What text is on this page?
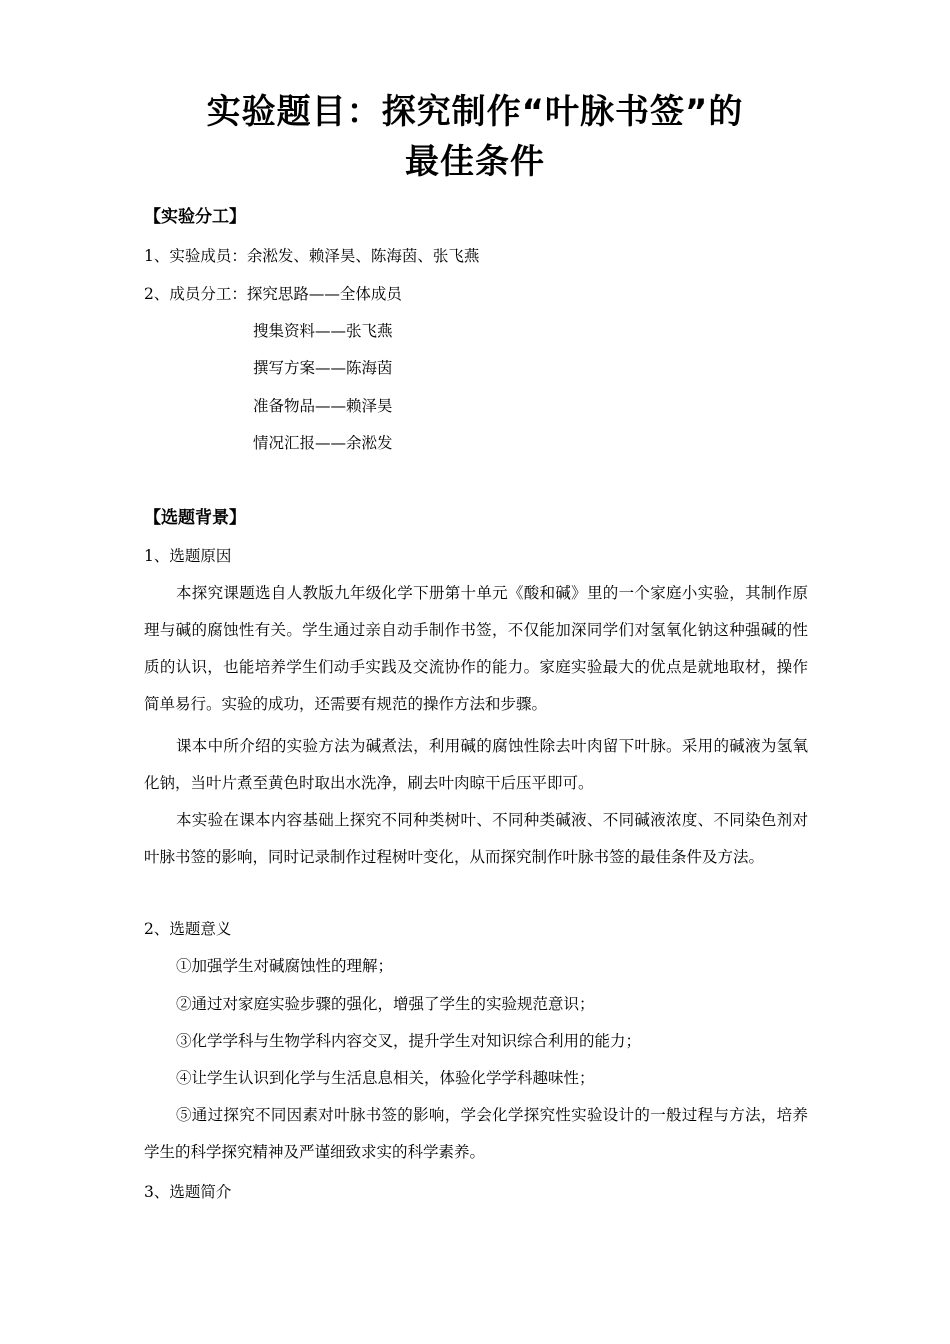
实验题目：探究制作“叶脉书签”的
最佳条件
【实验分工】
1、实验成员：余淞发、赖泽昊、陈海茵、张飞燕
2、成员分工：探究思路——全体成员
搜集资料——张飞燕
撰写方案——陈海茵
准备物品——赖泽昊
情况汇报——余淞发
【选题背景】
1、选题原因
本探究课题选自人教版九年级化学下册第十单元《酸和碱》里的一个家庭小实验，其制作原理与碱的腐蚀性有关。学生通过亲自动手制作书签，不仅能加深同学们对氢氧化钠这种强碱的性质的认识，也能培养学生们动手实践及交流协作的能力。家庭实验最大的优点是就地取材，操作简单易行。实验的成功，还需要有规范的操作方法和步骤。
课本中所介绍的实验方法为碱煮法，利用碱的腐蚀性除去叶肉留下叶脉。采用的碱液为氢氧化钠，当叶片煮至黄色时取出水洗净，刷去叶肉晾干后压平即可。
本实验在课本内容基础上探究不同种类树叶、不同种类碱液、不同碱液浓度、不同染色剂对叶脉书签的影响，同时记录制作过程树叶变化，从而探究制作叶脉书签的最佳条件及方法。
2、选题意义
①加强学生对碱腐蚀性的理解；
②通过对家庭实验步骤的强化，增强了学生的实验规范意识；
③化学学科与生物学科内容交叉，提升学生对知识综合利用的能力；
④让学生认识到化学与生活息息相关，体验化学学科趣味性；
⑤通过探究不同因素对叶脉书签的影响，学会化学探究性实验设计的一般过程与方法，培养学生的科学探究精神及严谨细致求实的科学素养。
3、选题简介
